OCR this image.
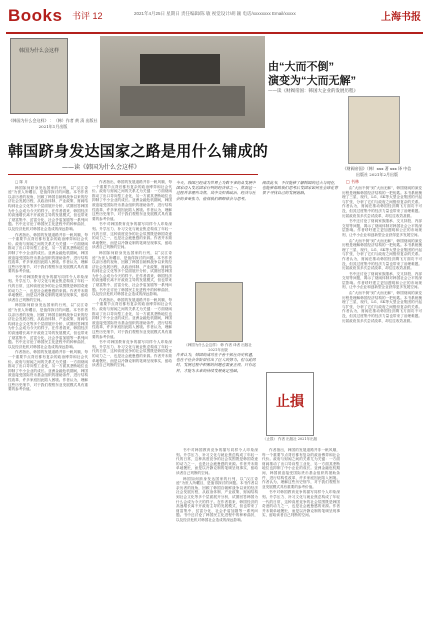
Books 书评 12	2021年4月25日 星期日 责任编辑/陈 敏 视觉设计/胡 颖 电话/xxxxxxxx Email/xxxxx	上海书报
韩国为什么会这样
《韩国为什么会这样》 ：（韩）作者 黄 清 出版社 2021年1月出版
由“大而不倒”
演变为“大而无解”
——读《财阀帝国：韩国大企业的发展历程》
《财阀帝国》（韩）xxx 著 xxx 译 中信出版社 2021年2月出版
□ 书林
韩国跻身发达国家之路是用什么铺成的
——读《韩国为什么会这样》

□ 陈 月

韩国如何跻身发达国家的行列，以“汉江奇迹”为世人所瞩目，是值得探讨的问题。本书作者以亲历者的视角，回顾了韩国自朝鲜战争以来的经济社会发展历程，从政治体制、产业政策、财阀结构到社会文化等多个层面展开分析，试图回答韩国为什么会成为今天的样子。在作者看来，韩国经济的高速增长离不开政府主导的发展模式，但也带来了财富集中、贫富分化、社会矛盾加剧等一系列问题。书中还讨论了韩国民主化进程中的种种曲折，以及经济危机对韩国社会造成的深远影响。

作者指出，韩国的发展道路并非一帆风顺，每一个重要节点背后都有复杂的政治博弈和社会代价。政府与财阀之间的关系尤为关键：一方面财阀推动了出口导向型工业化，另一方面其垄断地位也抑制了中小企业的成长。亚洲金融危机期间，韩国被迫接受国际货币基金组织的援助条件，进行结构性改革，许多家庭因此陷入困境。作者认为，理解这些历史细节，对于我们观察东亚发展模式具有重要的参考价值。

书中对韩国教育竞争的描写同样令人印象深刻。升学压力、补习文化与就业焦虑构成了年轻一代的日常，这种高度竞争的社会氛围既是韩国奇迹的动力之一，也是社会疲惫感的来源。作者并未简单地褒贬，而是以冷静克制的笔调呈现事实，留给读者自己判断的空间。

韩国如何跻身发达国家的行列，以“汉江奇迹”为世人所瞩目，是值得探讨的问题。本书作者以亲历者的视角，回顾了韩国自朝鲜战争以来的经济社会发展历程，从政治体制、产业政策、财阀结构到社会文化等多个层面展开分析，试图回答韩国为什么会成为今天的样子。在作者看来，韩国经济的高速增长离不开政府主导的发展模式，但也带来了财富集中、贫富分化、社会矛盾加剧等一系列问题。书中还讨论了韩国民主化进程中的种种曲折，以及经济危机对韩国社会造成的深远影响。

作者指出，韩国的发展道路并非一帆风顺，每一个重要节点背后都有复杂的政治博弈和社会代价。政府与财阀之间的关系尤为关键：一方面财阀推动了出口导向型工业化，另一方面其垄断地位也抑制了中小企业的成长。亚洲金融危机期间，韩国被迫接受国际货币基金组织的援助条件，进行结构性改革，许多家庭因此陷入困境。作者认为，理解这些历史细节，对于我们观察东亚发展模式具有重要的参考价值。

作者指出，韩国的发展道路并非一帆风顺，每一个重要节点背后都有复杂的政治博弈和社会代价。政府与财阀之间的关系尤为关键：一方面财阀推动了出口导向型工业化，另一方面其垄断地位也抑制了中小企业的成长。亚洲金融危机期间，韩国被迫接受国际货币基金组织的援助条件，进行结构性改革，许多家庭因此陷入困境。作者认为，理解这些历史细节，对于我们观察东亚发展模式具有重要的参考价值。

书中对韩国教育竞争的描写同样令人印象深刻。升学压力、补习文化与就业焦虑构成了年轻一代的日常，这种高度竞争的社会氛围既是韩国奇迹的动力之一，也是社会疲惫感的来源。作者并未简单地褒贬，而是以冷静克制的笔调呈现事实，留给读者自己判断的空间。

韩国如何跻身发达国家的行列，以“汉江奇迹”为世人所瞩目，是值得探讨的问题。本书作者以亲历者的视角，回顾了韩国自朝鲜战争以来的经济社会发展历程，从政治体制、产业政策、财阀结构到社会文化等多个层面展开分析，试图回答韩国为什么会成为今天的样子。在作者看来，韩国经济的高速增长离不开政府主导的发展模式，但也带来了财富集中、贫富分化、社会矛盾加剧等一系列问题。书中还讨论了韩国民主化进程中的种种曲折，以及经济危机对韩国社会造成的深远影响。

作者指出，韩国的发展道路并非一帆风顺，每一个重要节点背后都有复杂的政治博弈和社会代价。政府与财阀之间的关系尤为关键：一方面财阀推动了出口导向型工业化，另一方面其垄断地位也抑制了中小企业的成长。亚洲金融危机期间，韩国被迫接受国际货币基金组织的援助条件，进行结构性改革，许多家庭因此陷入困境。作者认为，理解这些历史细节，对于我们观察东亚发展模式具有重要的参考价值。

书中对韩国教育竞争的描写同样令人印象深刻。升学压力、补习文化与就业焦虑构成了年轻一代的日常，这种高度竞争的社会氛围既是韩国奇迹的动力之一，也是社会疲惫感的来源。作者并未简单地褒贬，而是以冷静克制的笔调呈现事实，留给读者自己判断的空间。

今天，韩国已经成为世界上为数不多的从发展中国家迈入发达国家行列的经济体之一。然而这一过程并非理所当然，其中交织着政治、经济与社会的多重张力，值得我们细细体会与思考。
《韩国为什么会这样》 韩 作者 译者 出版社 2021年出版
作者认为，韩国的成功在于善于抓住历史机遇，也在于社会各阶层付出了巨大的努力。但与此同时，发展过程中积累的问题也需要正视，只有这样，才能为未来的持续发展奠定基础。

书中对韩国教育竞争的描写同样令人印象深刻。升学压力、补习文化与就业焦虑构成了年轻一代的日常，这种高度竞争的社会氛围既是韩国奇迹的动力之一，也是社会疲惫感的来源。作者并未简单地褒贬，而是以冷静克制的笔调呈现事实，留给读者自己判断的空间。

韩国如何跻身发达国家的行列，以“汉江奇迹”为世人所瞩目，是值得探讨的问题。本书作者以亲历者的视角，回顾了韩国自朝鲜战争以来的经济社会发展历程，从政治体制、产业政策、财阀结构到社会文化等多个层面展开分析，试图回答韩国为什么会成为今天的样子。在作者看来，韩国经济的高速增长离不开政府主导的发展模式，但也带来了财富集中、贫富分化、社会矛盾加剧等一系列问题。书中还讨论了韩国民主化进程中的种种曲折，以及经济危机对韩国社会造成的深远影响。

阅读此书，不仅能够了解韩国的过去与现在，也能够帮助我们思考后发国家如何在全球化背景下寻找自己的发展道路。
止損
《止损》 作者 出版社 2021年出版

作者指出，韩国的发展道路并非一帆风顺，每一个重要节点背后都有复杂的政治博弈和社会代价。政府与财阀之间的关系尤为关键：一方面财阀推动了出口导向型工业化，另一方面其垄断地位也抑制了中小企业的成长。亚洲金融危机期间，韩国被迫接受国际货币基金组织的援助条件，进行结构性改革，许多家庭因此陷入困境。作者认为，理解这些历史细节，对于我们观察东亚发展模式具有重要的参考价值。

书中对韩国教育竞争的描写同样令人印象深刻。升学压力、补习文化与就业焦虑构成了年轻一代的日常，这种高度竞争的社会氛围既是韩国奇迹的动力之一，也是社会疲惫感的来源。作者并未简单地褒贬，而是以冷静克制的笔调呈现事实，留给读者自己判断的空间。

由“大而不倒”到“大而无解”，韩国财阀的演变历程是理解韩国经济结构的一把钥匙。本书系统梳理了三星、现代、LG、SK等大型企业集团的兴起与扩张，分析了它们与政府之间错综复杂的关系。作者认为，财阀在推动韩国经济腾飞方面功不可没，但其过度集中的经济力量也带来了治理难题。历届政府虽多次尝试改革，却往往收效甚微。

书中还讨论了财阀家族继承、交叉持股、内部交易等问题，揭示了财阀体制对韩国社会公平的深层影响。作者呼吁建立更加透明和公正的市场规则，让中小企业和创新型企业获得更多发展空间。

由“大而不倒”到“大而无解”，韩国财阀的演变历程是理解韩国经济结构的一把钥匙。本书系统梳理了三星、现代、LG、SK等大型企业集团的兴起与扩张，分析了它们与政府之间错综复杂的关系。作者认为，财阀在推动韩国经济腾飞方面功不可没，但其过度集中的经济力量也带来了治理难题。历届政府虽多次尝试改革，却往往收效甚微。

书中还讨论了财阀家族继承、交叉持股、内部交易等问题，揭示了财阀体制对韩国社会公平的深层影响。作者呼吁建立更加透明和公正的市场规则，让中小企业和创新型企业获得更多发展空间。

由“大而不倒”到“大而无解”，韩国财阀的演变历程是理解韩国经济结构的一把钥匙。本书系统梳理了三星、现代、LG、SK等大型企业集团的兴起与扩张，分析了它们与政府之间错综复杂的关系。作者认为，财阀在推动韩国经济腾飞方面功不可没，但其过度集中的经济力量也带来了治理难题。历届政府虽多次尝试改革，却往往收效甚微。
